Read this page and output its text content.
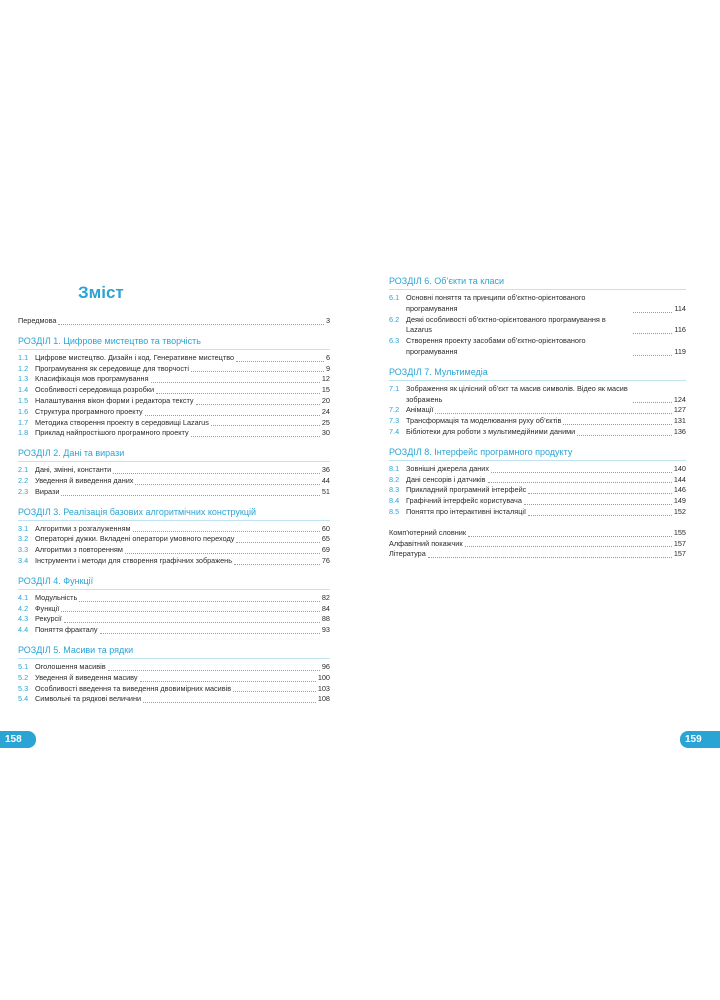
Зміст
Передмова	3
РОЗДІЛ 1. Цифрове мистецтво та творчість
1.1 Цифрове мистецтво. Дизайн і код. Генеративне мистецтво	6
1.2 Програмування як середовище для творчості	9
1.3 Класифікація мов програмування	12
1.4 Особливості середовища розробки	15
1.5 Налаштування вікон форми і редактора тексту	20
1.6 Структура програмного проекту	24
1.7 Методика створення проекту в середовищі Lazarus	25
1.8 Приклад найпростішого програмного проекту	30
РОЗДІЛ 2. Дані та вирази
2.1 Дані, змінні, константи	36
2.2 Уведення й виведення даних	44
2.3 Вирази	51
РОЗДІЛ 3. Реалізація базових алгоритмічних конструкцій
3.1 Алгоритми з розгалуженням	60
3.2 Операторні дужки. Вкладені оператори умовного переходу	65
3.3 Алгоритми з повторенням	69
3.4 Інструменти і методи для створення графічних зображень	76
РОЗДІЛ 4. Функції
4.1 Модульність	82
4.2 Функції	84
4.3 Рекурсії	88
4.4 Поняття фракталу	93
РОЗДІЛ 5. Масиви та рядки
5.1 Оголошення масивів	96
5.2 Уведення й виведення масиву	100
5.3 Особливості введення та виведення двовимірних масивів	103
5.4 Символьні та рядкові величини	108
РОЗДІЛ 6. Об’єкти та класи
6.1 Основні поняття та принципи об’єктно-орієнтованого програмування	114
6.2 Деякі особливості об’єктно-орієнтованого програмування в Lazarus	116
6.3 Створення проекту засобами об’єктно-орієнтованого програмування	119
РОЗДІЛ 7. Мультимедіа
7.1 Зображення як цілісний об’єкт та масив символів. Відео як масив зображень	124
7.2 Анімації	127
7.3 Трансформація та моделювання руху об’єктів	131
7.4 Бібліотеки для роботи з мультимедійними даними	136
РОЗДІЛ 8. Інтерфейс програмного продукту
8.1 Зовнішні джерела даних	140
8.2 Дані сенсорів і датчиків	144
8.3 Прикладний програмний інтерфейс	146
8.4 Графічний інтерфейс користувача	149
8.5 Поняття про інтерактивні інсталяції	152
Комп’ютерний словник	155
Алфавітний покажчик	157
Література	157
158	159
